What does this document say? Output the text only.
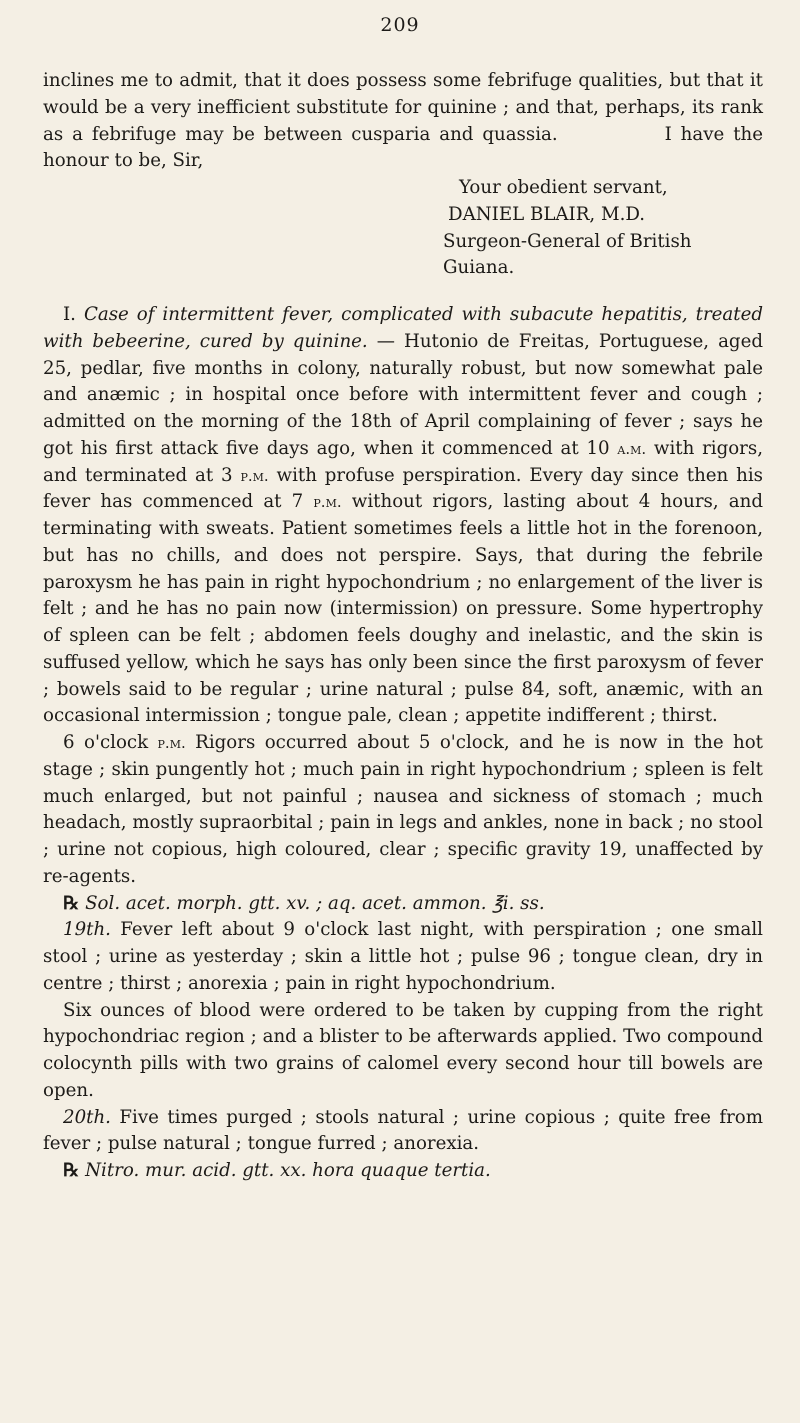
209

inclines me to admit, that it does possess some febrifuge qualities, but that it would be a very inefficient substitute for quinine ; and that, perhaps, its rank as a febrifuge may be between cusparia and quassia.	I have the honour to be, Sir,

Your obedient servant,

DANIEL BLAIR, M.D.

Surgeon-General of British Guiana.

I. Case of intermittent fever, complicated with subacute hepatitis, treated with bebeerine, cured by quinine. — Hutonio de Freitas, Portuguese, aged 25, pedlar, five months in colony, naturally robust, but now somewhat pale and anæmic ; in hospital once before with intermittent fever and cough ; admitted on the morning of the 18th of April complaining of fever ; says he got his first attack five days ago, when it commenced at 10 a.m. with rigors, and terminated at 3 p.m. with profuse perspiration. Every day since then his fever has commenced at 7 p.m. without rigors, lasting about 4 hours, and terminating with sweats. Patient sometimes feels a little hot in the forenoon, but has no chills, and does not perspire. Says, that during the febrile paroxysm he has pain in right hypochondrium ; no enlargement of the liver is felt ; and he has no pain now (intermission) on pressure. Some hypertrophy of spleen can be felt ; abdomen feels doughy and inelastic, and the skin is suffused yellow, which he says has only been since the first paroxysm of fever ; bowels said to be regular ; urine natural ; pulse 84, soft, anæmic, with an occasional intermission ; tongue pale, clean ; appetite indifferent ; thirst.

6 o'clock p.m. Rigors occurred about 5 o'clock, and he is now in the hot stage ; skin pungently hot ; much pain in right hypochondrium ; spleen is felt much enlarged, but not painful ; nausea and sickness of stomach ; much headach, mostly supraorbital ; pain in legs and ankles, none in back ; no stool ; urine not copious, high coloured, clear ; specific gravity 19, unaffected by re-agents.

℞ Sol. acet. morph. gtt. xv. ; aq. acet. ammon. ℥i. ss.

19th. Fever left about 9 o'clock last night, with perspiration ; one small stool ; urine as yesterday ; skin a little hot ; pulse 96 ; tongue clean, dry in centre ; thirst ; anorexia ; pain in right hypochondrium.

Six ounces of blood were ordered to be taken by cupping from the right hypochondriac region ; and a blister to be afterwards applied. Two compound colocynth pills with two grains of calomel every second hour till bowels are open.

20th. Five times purged ; stools natural ; urine copious ; quite free from fever ; pulse natural ; tongue furred ; anorexia.

℞ Nitro. mur. acid. gtt. xx. hora quaque tertia.
